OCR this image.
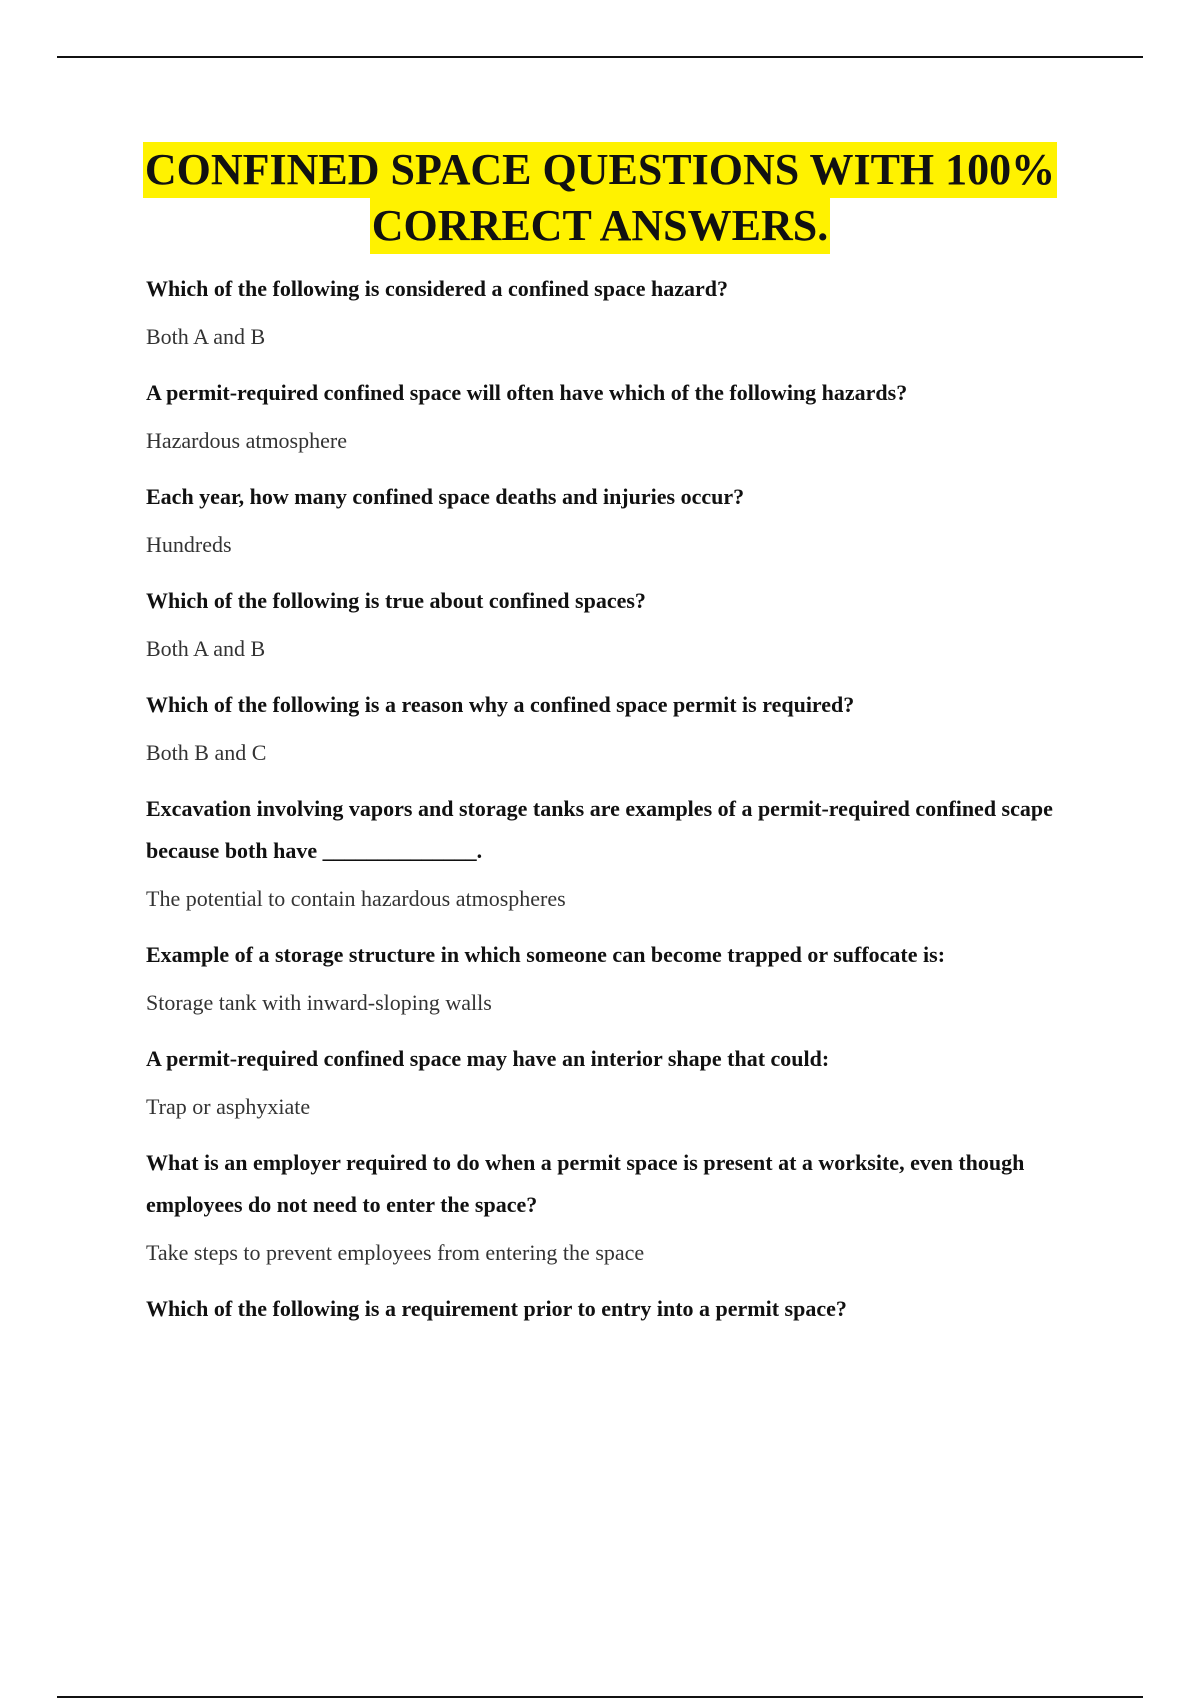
CONFINED SPACE QUESTIONS WITH 100%
CORRECT ANSWERS.

Which of the following is considered a confined space hazard?

Both A and B

A permit-required confined space will often have which of the following hazards?

Hazardous atmosphere

Each year, how many confined space deaths and injuries occur?

Hundreds

Which of the following is true about confined spaces?

Both A and B

Which of the following is a reason why a confined space permit is required?

Both B and C

Excavation involving vapors and storage tanks are examples of a permit-required confined scape because both have ______________.

The potential to contain hazardous atmospheres

Example of a storage structure in which someone can become trapped or suffocate is:

Storage tank with inward-sloping walls

A permit-required confined space may have an interior shape that could:

Trap or asphyxiate

What is an employer required to do when a permit space is present at a worksite, even though employees do not need to enter the space?

Take steps to prevent employees from entering the space

Which of the following is a requirement prior to entry into a permit space?
